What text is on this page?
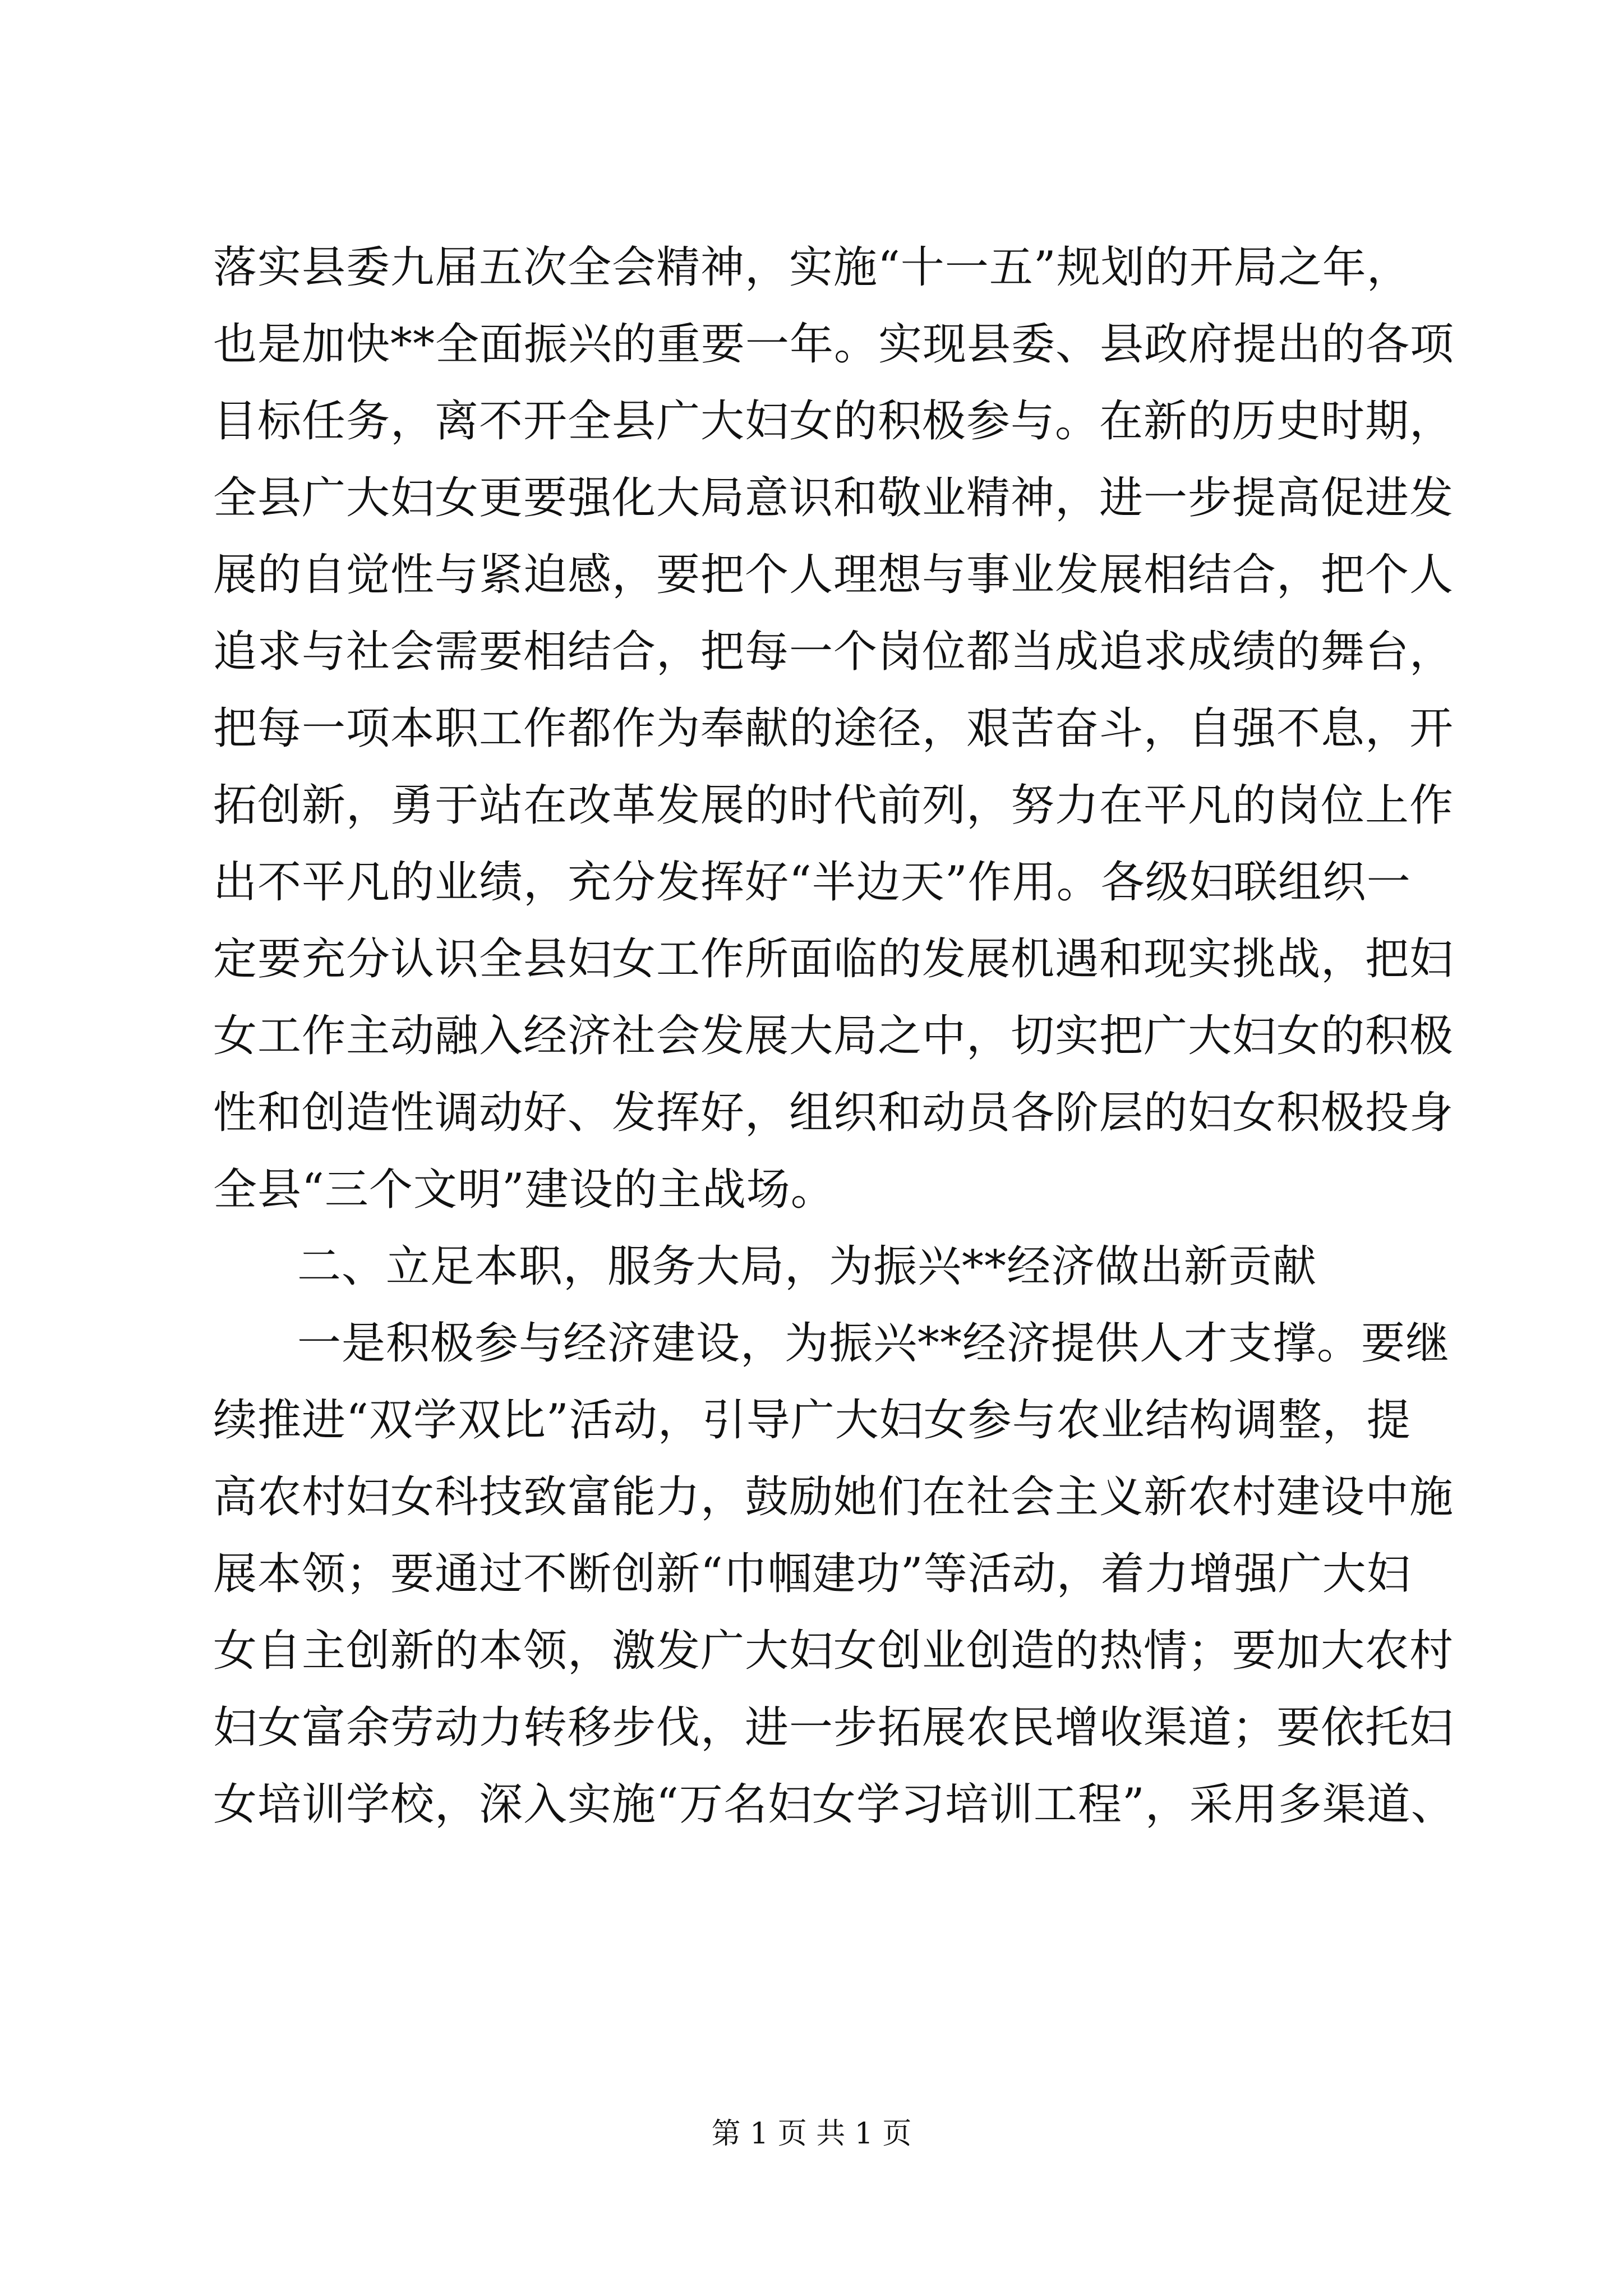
落实县委九届五次全会精神，实施“十一五”规划的开局之年，
也是加快**全面振兴的重要一年。实现县委、县政府提出的各项
目标任务，离不开全县广大妇女的积极参与。在新的历史时期，
全县广大妇女更要强化大局意识和敬业精神，进一步提高促进发
展的自觉性与紧迫感，要把个人理想与事业发展相结合，把个人
追求与社会需要相结合，把每一个岗位都当成追求成绩的舞台，
把每一项本职工作都作为奉献的途径，艰苦奋斗，自强不息，开
拓创新，勇于站在改革发展的时代前列，努力在平凡的岗位上作
出不平凡的业绩，充分发挥好“半边天”作用。各级妇联组织一
定要充分认识全县妇女工作所面临的发展机遇和现实挑战，把妇
女工作主动融入经济社会发展大局之中，切实把广大妇女的积极
性和创造性调动好、发挥好，组织和动员各阶层的妇女积极投身
全县“三个文明”建设的主战场。
二、立足本职，服务大局，为振兴**经济做出新贡献
一是积极参与经济建设，为振兴**经济提供人才支撑。要继
续推进“双学双比”活动，引导广大妇女参与农业结构调整，提
高农村妇女科技致富能力，鼓励她们在社会主义新农村建设中施
展本领；要通过不断创新“巾帼建功”等活动，着力增强广大妇
女自主创新的本领，激发广大妇女创业创造的热情；要加大农村
妇女富余劳动力转移步伐，进一步拓展农民增收渠道；要依托妇
女培训学校，深入实施“万名妇女学习培训工程”，采用多渠道、
第 1 页 共 1 页
